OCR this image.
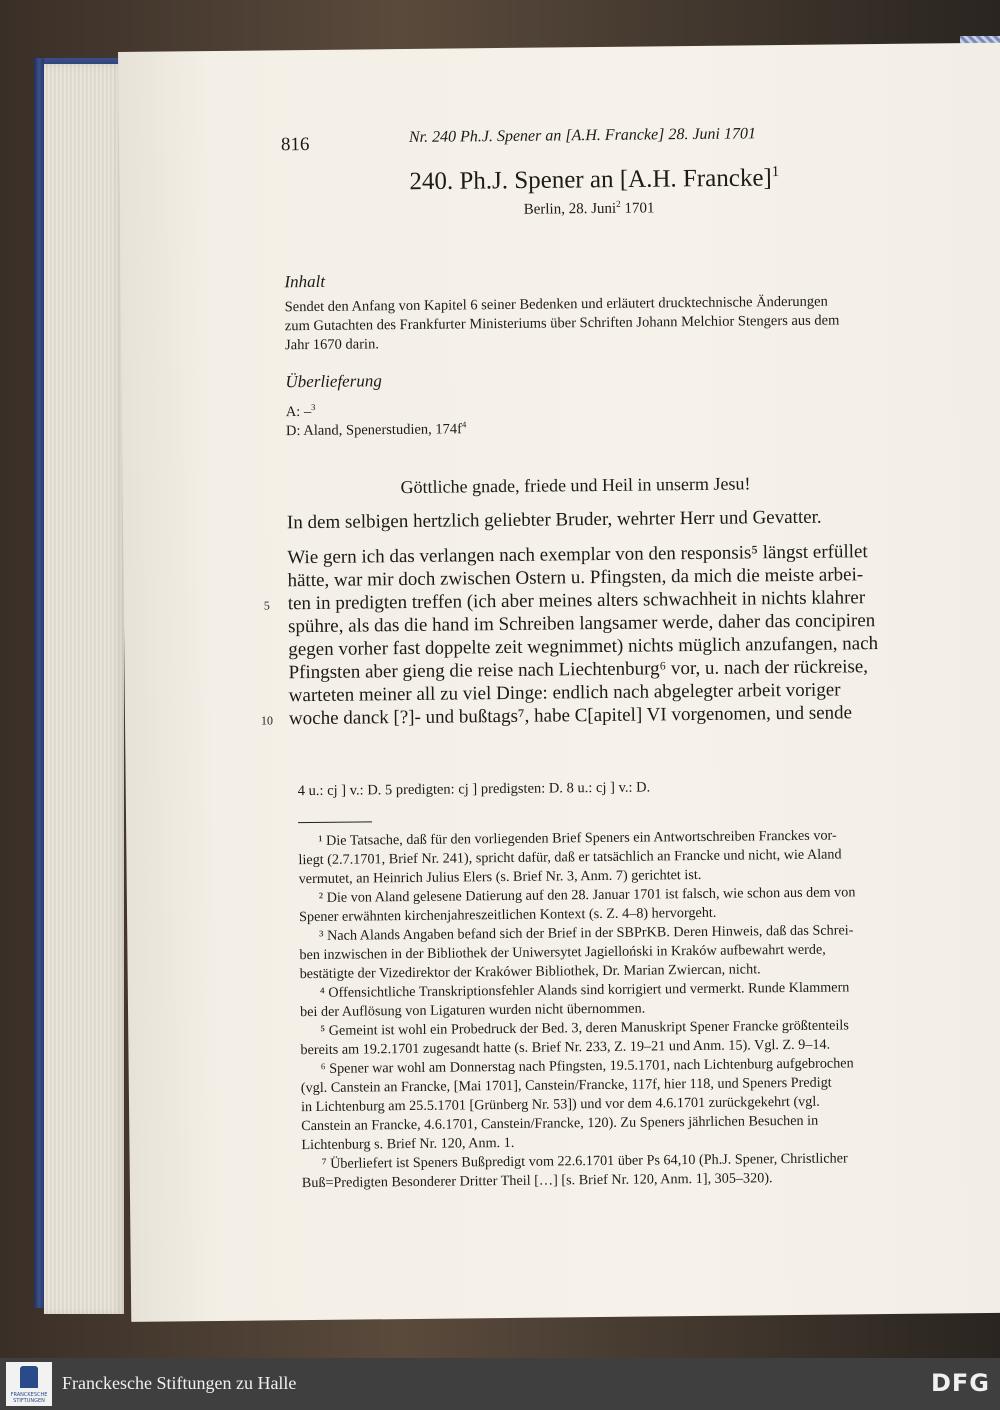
816	Nr. 240 Ph.J. Spener an [A.H. Francke] 28. Juni 1701
240. Ph.J. Spener an [A.H. Francke]$^1$
Berlin, 28. Juni$^2$ 1701
Inhalt
Sendet den Anfang von Kapitel 6 seiner Bedenken und erläutert drucktechnische Änderungen
zum Gutachten des Frankfurter Ministeriums über Schriften Johann Melchior Stengers aus dem
Jahr 1670 darin.
Überlieferung
A: –$^3$
D: Aland, Spenerstudien, $174f^4$
Göttliche gnade, friede und Heil in unserm Jesu!
In dem selbigen hertzlich geliebter Bruder, wehrter Herr und Gevatter.
Wie gern ich das verlangen nach exemplar von den responsis⁵ längst erfüllet
hätte, war mir doch zwischen Ostern u. Pfingsten, da mich die meiste arbei-
ten in predigten treffen (ich aber meines alters schwachheit in nichts klahrer
spühre, als das die hand im Schreiben langsamer werde, daher das concipiren
gegen vorher fast doppelte zeit wegnimmet) nichts müglich anzufangen, nach
Pfingsten aber gieng die reise nach Liechtenburg⁶ vor, u. nach der rückreise,
warteten meiner all zu viel Dinge: endlich nach abgelegter arbeit voriger
woche danck [?]- und bußtags⁷, habe C[apitel] VI vorgenomen, und sende
5
10
4 u.: cj ] v.: D. 5 predigten: cj ] predigsten: D. 8 u.: cj ] v.: D.
¹ Die Tatsache, daß für den vorliegenden Brief Speners ein Antwortschreiben Franckes vor-
liegt (2.7.1701, Brief Nr. 241), spricht dafür, daß er tatsächlich an Francke und nicht, wie Aland
vermutet, an Heinrich Julius Elers (s. Brief Nr. 3, Anm. 7) gerichtet ist.
² Die von Aland gelesene Datierung auf den 28. Januar 1701 ist falsch, wie schon aus dem von
Spener erwähnten kirchenjahreszeitlichen Kontext (s. Z. 4–8) hervorgeht.
³ Nach Alands Angaben befand sich der Brief in der SBPrKB. Deren Hinweis, daß das Schrei-
ben inzwischen in der Bibliothek der Uniwersytet Jagielloński in Kraków aufbewahrt werde,
bestätigte der Vizedirektor der Krakówer Bibliothek, Dr. Marian Zwiercan, nicht.
⁴ Offensichtliche Transkriptionsfehler Alands sind korrigiert und vermerkt. Runde Klammern
bei der Auflösung von Ligaturen wurden nicht übernommen.
⁵ Gemeint ist wohl ein Probedruck der Bed. 3, deren Manuskript Spener Francke größtenteils
bereits am 19.2.1701 zugesandt hatte (s. Brief Nr. 233, Z. 19–21 und Anm. 15). Vgl. Z. 9–14.
⁶ Spener war wohl am Donnerstag nach Pfingsten, 19.5.1701, nach Lichtenburg aufgebrochen
(vgl. Canstein an Francke, [Mai 1701], Canstein/Francke, 117f, hier 118, und Speners Predigt
in Lichtenburg am 25.5.1701 [Grünberg Nr. 53]) und vor dem 4.6.1701 zurückgekehrt (vgl.
Canstein an Francke, 4.6.1701, Canstein/Francke, 120). Zu Speners jährlichen Besuchen in
Lichtenburg s. Brief Nr. 120, Anm. 1.
⁷ Überliefert ist Speners Bußpredigt vom 22.6.1701 über Ps 64,10 (Ph.J. Spener, Christlicher
Buß=Predigten Besonderer Dritter Theil […] [s. Brief Nr. 120, Anm. 1], 305–320).
FRANCKESCHE STIFTUNGEN
Franckesche Stiftungen zu Halle	DFG
